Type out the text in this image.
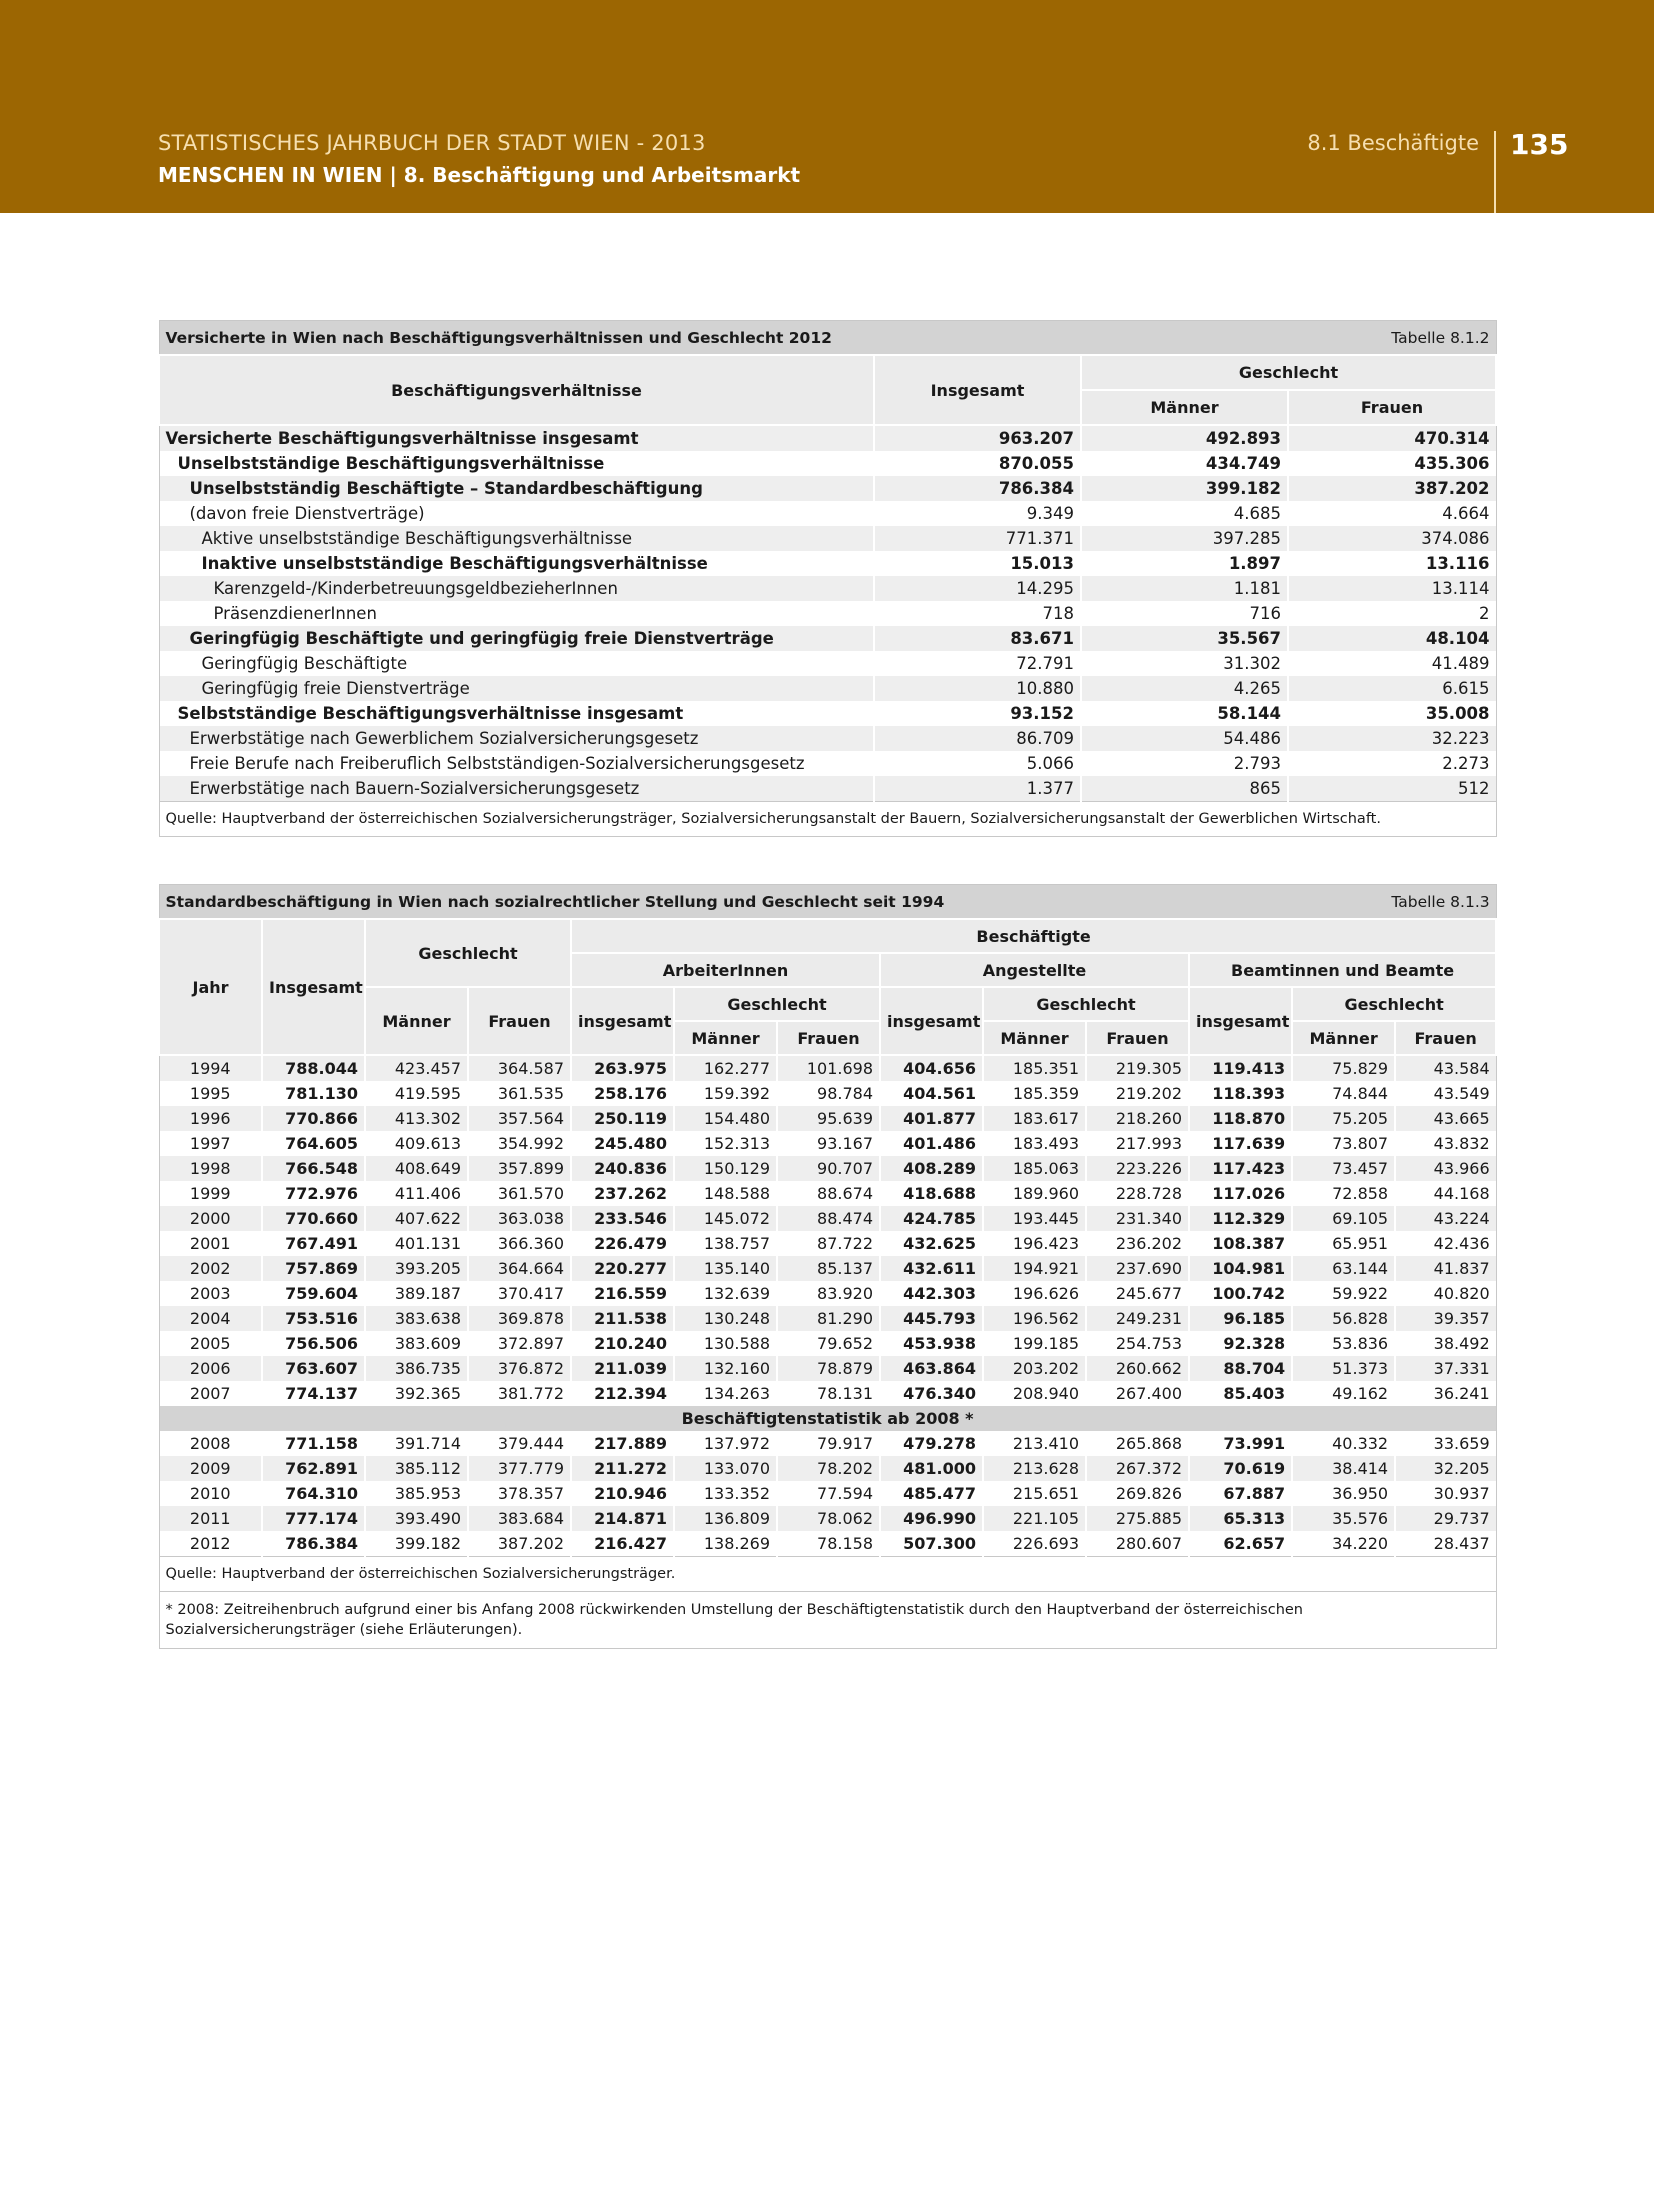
STATISTISCHES JAHRBUCH DER STADT WIEN - 2013
MENSCHEN IN WIEN | 8. Beschäftigung und Arbeitsmarkt
8.1 Beschäftigte 135
Versicherte in Wien nach Beschäftigungsverhältnissen und Geschlecht 2012			Tabelle 8.1.2
Beschäftigungsverhältnisse	Insgesamt	Geschlecht	
		Männer	Frauen
Versicherte Beschäftigungsverhältnisse insgesamt	963.207	492.893	470.314
Unselbstständige Beschäftigungsverhältnisse	870.055	434.749	435.306
Unselbstständig Beschäftigte – Standardbeschäftigung	786.384	399.182	387.202
(davon freie Dienstverträge)	9.349	4.685	4.664
Aktive unselbstständige Beschäftigungsverhältnisse	771.371	397.285	374.086
Inaktive unselbstständige Beschäftigungsverhältnisse	15.013	1.897	13.116
Karenzgeld-/KinderbetreuungsgeldbezieherInnen	14.295	1.181	13.114
PräsenzdienerInnen	718	716	2
Geringfügig Beschäftigte und geringfügig freie Dienstverträge	83.671	35.567	48.104
Geringfügig Beschäftigte	72.791	31.302	41.489
Geringfügig freie Dienstverträge	10.880	4.265	6.615
Selbstständige Beschäftigungsverhältnisse insgesamt	93.152	58.144	35.008
Erwerbstätige nach Gewerblichem Sozialversicherungsgesetz	86.709	54.486	32.223
Freie Berufe nach Freiberuflich Selbstständigen-Sozialversicherungsgesetz	5.066	2.793	2.273
Erwerbstätige nach Bauern-Sozialversicherungsgesetz	1.377	865	512
Quelle: Hauptverband der österreichischen Sozialversicherungsträger, Sozialversicherungsanstalt der Bauern, Sozialversicherungsanstalt der Gewerblichen Wirtschaft.			
Standardbeschäftigung in Wien nach sozialrechtlicher Stellung und Geschlecht seit 1994											Tabelle 8.1.3	
Jahr	Insgesamt	Geschlecht		Beschäftigte								
				ArbeiterInnen			Angestellte			Beamtinnen und Beamte		
		Männer	Frauen	insgesamt	Geschlecht		insgesamt	Geschlecht		insgesamt	Geschlecht	
					Männer	Frauen		Männer	Frauen		Männer	Frauen
1994	788.044	423.457	364.587	263.975	162.277	101.698	404.656	185.351	219.305	119.413	75.829	43.584
1995	781.130	419.595	361.535	258.176	159.392	98.784	404.561	185.359	219.202	118.393	74.844	43.549
1996	770.866	413.302	357.564	250.119	154.480	95.639	401.877	183.617	218.260	118.870	75.205	43.665
1997	764.605	409.613	354.992	245.480	152.313	93.167	401.486	183.493	217.993	117.639	73.807	43.832
1998	766.548	408.649	357.899	240.836	150.129	90.707	408.289	185.063	223.226	117.423	73.457	43.966
1999	772.976	411.406	361.570	237.262	148.588	88.674	418.688	189.960	228.728	117.026	72.858	44.168
2000	770.660	407.622	363.038	233.546	145.072	88.474	424.785	193.445	231.340	112.329	69.105	43.224
2001	767.491	401.131	366.360	226.479	138.757	87.722	432.625	196.423	236.202	108.387	65.951	42.436
2002	757.869	393.205	364.664	220.277	135.140	85.137	432.611	194.921	237.690	104.981	63.144	41.837
2003	759.604	389.187	370.417	216.559	132.639	83.920	442.303	196.626	245.677	100.742	59.922	40.820
2004	753.516	383.638	369.878	211.538	130.248	81.290	445.793	196.562	249.231	96.185	56.828	39.357
2005	756.506	383.609	372.897	210.240	130.588	79.652	453.938	199.185	254.753	92.328	53.836	38.492
2006	763.607	386.735	376.872	211.039	132.160	78.879	463.864	203.202	260.662	88.704	51.373	37.331
2007	774.137	392.365	381.772	212.394	134.263	78.131	476.340	208.940	267.400	85.403	49.162	36.241
Beschäftigtenstatistik ab 2008 *												
2008	771.158	391.714	379.444	217.889	137.972	79.917	479.278	213.410	265.868	73.991	40.332	33.659
2009	762.891	385.112	377.779	211.272	133.070	78.202	481.000	213.628	267.372	70.619	38.414	32.205
2010	764.310	385.953	378.357	210.946	133.352	77.594	485.477	215.651	269.826	67.887	36.950	30.937
2011	777.174	393.490	383.684	214.871	136.809	78.062	496.990	221.105	275.885	65.313	35.576	29.737
2012	786.384	399.182	387.202	216.427	138.269	78.158	507.300	226.693	280.607	62.657	34.220	28.437
Quelle: Hauptverband der österreichischen Sozialversicherungsträger.												
* 2008: Zeitreihenbruch aufgrund einer bis Anfang 2008 rückwirkenden Umstellung der Beschäftigtenstatistik durch den Hauptverband der österreichischen Sozialversicherungsträger (siehe Erläuterungen).												
